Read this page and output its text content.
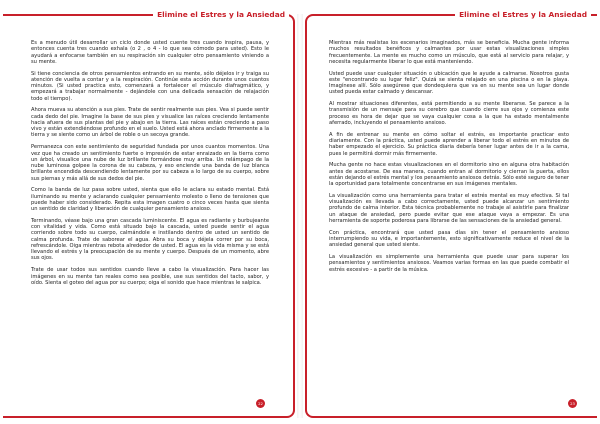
Elimine el Estres y la Ansiedad

Es a menudo útil desarrollar un ciclo donde usted cuente tres cuando inspira, pausa, y entonces cuenta tres cuando exhala (o 2 , o 4 - lo que sea cómodo para usted). Esto le ayudará a enfocarse también en su respiración sin cualquier otro pensamiento viniendo a su mente.

Si tiene conciencia de otros pensamientos entrando en su mente, sólo déjelos ir y traiga su atención de vuelta a contar y a la respiración. Continúe esta acción durante unos cuantos minutos. (Si usted practica esto, comenzará a fortalecer el músculo diafragmático, y empezará a trabajar normalmente - dejándole con una delicada sensación de relajación todo el tiempo).

Ahora mueva su atención a sus pies. Trate de sentir realmente sus pies. Vea si puede sentir cada dedo del pie. Imagine la base de sus pies y visualice las raíces creciendo lentamente hacia afuera de sus plantas del pie y abajo en la tierra. Las raíces están creciendo a paso vivo y están extendiéndose profundo en el suelo. Usted está ahora anclado firmemente a la tierra y se siente como un árbol de roble o un secoya grande.

Permanezca con este sentimiento de seguridad fundada por unos cuantos momentos. Una vez que ha creado un sentimiento fuerte o impresión de estar enraizado en la tierra como un árbol, visualice una nube de luz brillante formándose muy arriba. Un relámpago de la nube luminosa golpee la corona de su cabeza, y eso enciende una banda de luz blanca brillante encendida descendiendo lentamente por su cabeza a lo largo de su cuerpo, sobre sus piernas y más allá de sus dedos del pie.

Como la banda de luz pasa sobre usted, sienta que ello le aclara su estado mental. Está iluminando su mente y aclarando cualquier pensamiento molesto o lleno de tensiones que puede haber sido considerado. Repita esta imagen cuatro o cinco veces hasta que sienta un sentido de claridad y liberación de cualquier pensamiento ansioso.

Terminando, véase bajo una gran cascada luminiscente. El agua es radiante y burbujeante con vitalidad y vida. Como está situado bajo la cascada, usted puede sentir el agua corriendo sobre todo su cuerpo, calmándole e instilando dentro de usted un sentido de calma profunda. Trate de saborear el agua. Abra su boca y déjela correr por su boca, refrescándole. Oiga mientras rebota alrededor de usted. El agua es la vida misma y se está llevando el estrés y la preocupación de su mente y cuerpo. Después de un momento, abre sus ojos.

Trate de usar todos sus sentidos cuando lleve a cabo la visualización. Para hacer las imágenes en su mente tan reales como sea posible, use sus sentidos del tacto, sabor, y oído. Sienta el goteo del agua por su cuerpo; oiga el sonido que hace mientras le salpica.

22
Elimine el Estres y la Ansiedad

Mientras más realistas los escenarios imaginados, más se beneficia. Mucha gente informa muchos resultados benéficos y calmantes por usar estas visualizaciones simples frecuentemente. La mente es mucho como un músculo, que está al servicio para relajar, y necesita regularmente liberar lo que está manteniendo.

Usted puede usar cualquier situación o ubicación que le ayude a calmarse. Nosotros gusta este "encontrando su lugar feliz". Quizá se sienta relajado en una piscina o en la playa. Imagínese allí. Sólo asegúrese que dondequiera que va en su mente sea un lugar donde usted pueda estar calmado y descansar.

Al mostrar situaciones diferentes, está permitiendo a su mente liberarse. Se parece a la transmisión de un mensaje para su cerebro que cuando cierre sus ojos y comienza este proceso es hora de dejar que se vaya cualquier cosa a la que ha estado mentalmente aferrado, incluyendo el pensamiento ansioso.

A fin de entrenar su mente en cómo soltar el estrés, es importante practicar esto diariamente. Con la práctica, usted puede aprender a liberar todo el estrés en minutos de haber empezado el ejercicio. Su práctica diaria debería tener lugar antes de ir a la cama, pues le permitirá dormir más firmemente.

Mucha gente no hace estas visualizaciones en el dormitorio sino en alguna otra habitación antes de acostarse. De esa manera, cuando entran al dormitorio y cierran la puerta, ellos están dejando el estrés mental y los pensamiento ansiosos detrás. Sólo esté seguro de tener la oportunidad para totalmente concentrarse en sus imágenes mentales.

La visualización como una herramienta para tratar el estrés mental es muy efectiva. Si tal visualización es llevada a cabo correctamente, usted puede alcanzar un sentimiento profundo de calma interior. Esta técnica probablemente no trabaje al asistirle para finalizar un ataque de ansiedad, pero puede evitar que ese ataque vaya a empezar. Es una herramienta de soporte poderosa para librarse de las sensaciones de la ansiedad general.

Con práctica, encontrará que usted pasa días sin tener el pensamiento ansioso interrumpiendo su vida, e importantemente, esto significativamente reduce el nivel de la ansiedad general que usted siente.

La visualización es simplemente una herramienta que puede usar para superar los pensamientos y sentimientos ansiosos. Veamos varias formas en las que puede combatir el estrés excesivo - a partir de la música.

23
